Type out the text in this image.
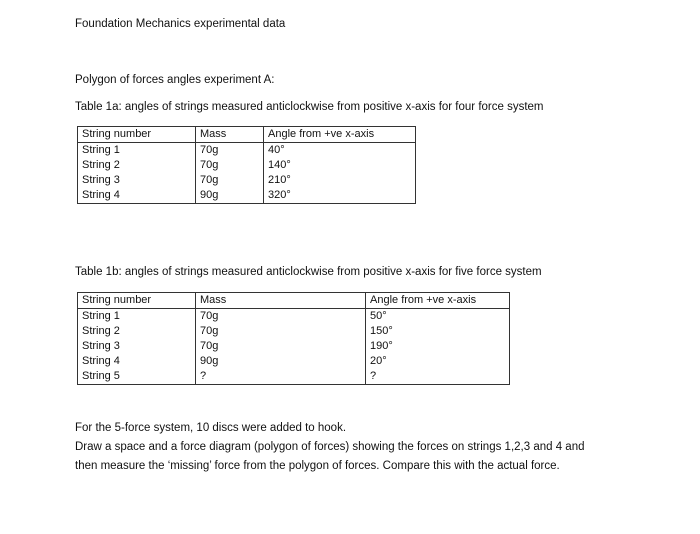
Foundation Mechanics experimental data
Polygon of forces angles experiment A:
Table 1a: angles of strings measured anticlockwise from positive x-axis for four force system
String number	Mass	Angle from +ve x-axis
String 1	70g	40°
String 2	70g	140°
String 3	70g	210°
String 4	90g	320°
Table 1b: angles of strings measured anticlockwise from positive x-axis for five force system
String number	Mass	Angle from +ve x-axis
String 1	70g	50°
String 2	70g	150°
String 3	70g	190°
String 4	90g	20°
String 5	?	?
For the 5-force system, 10 discs were added to hook.
Draw a space and a force diagram (polygon of forces) showing the forces on strings 1,2,3 and 4 and
then measure the ‘missing’ force from the polygon of forces. Compare this with the actual force.
